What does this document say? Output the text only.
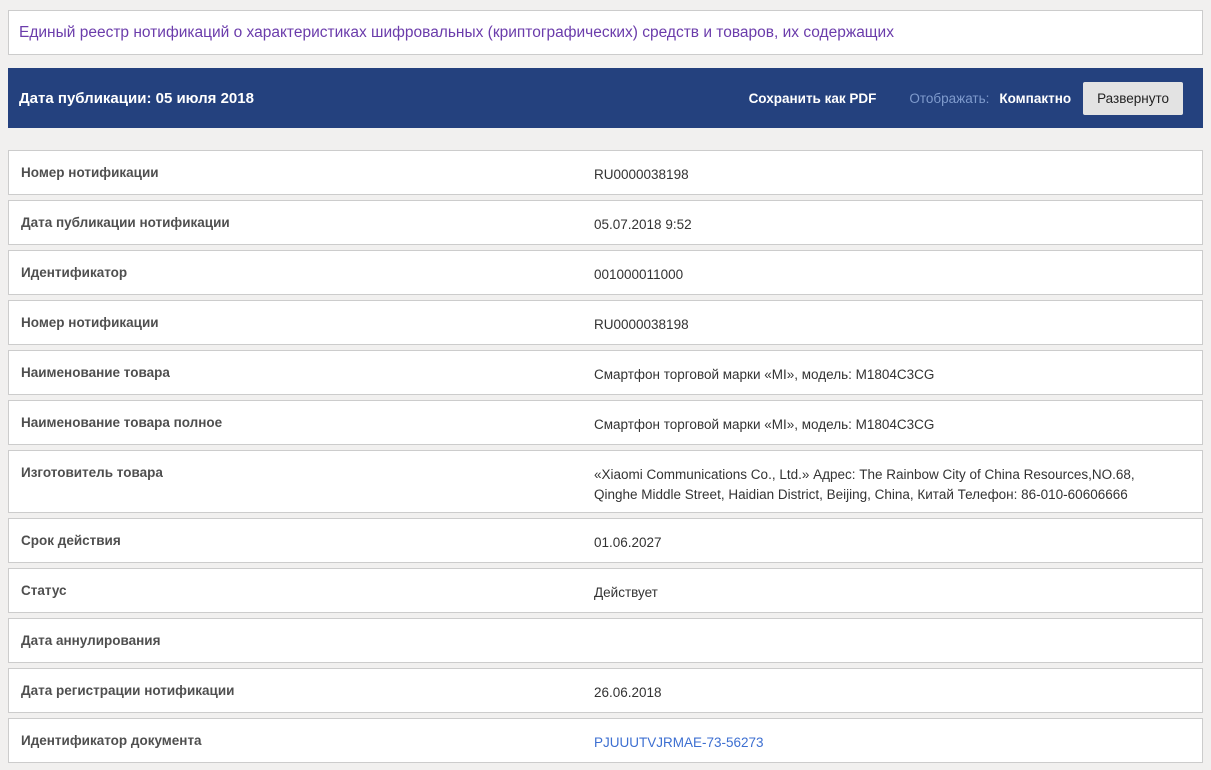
Единый реестр нотификаций о характеристиках шифровальных (криптографических) средств и товаров, их содержащих
Дата публикации: 05 июля 2018	Сохранить как PDF Отображать: Компактно	Развернуто
Номер нотификации	RU0000038198
Дата публикации нотификации	05.07.2018 9:52
Идентификатор	001000011000
Номер нотификации	RU0000038198
Наименование товара	Смартфон торговой марки «MI», модель: M1804C3CG
Наименование товара полное	Смартфон торговой марки «MI», модель: M1804C3CG
Изготовитель товара	«Xiaomi Communications Co., Ltd.» Адрес: The Rainbow City of China Resources,NO.68, Qinghe Middle Street, Haidian District, Beijing, China, Китай Телефон: 86-010-60606666
Срок действия	01.06.2027
Статус	Действует
Дата аннулирования
Дата регистрации нотификации	26.06.2018
Идентификатор документа	PJUUUTVJRMAE-73-56273
